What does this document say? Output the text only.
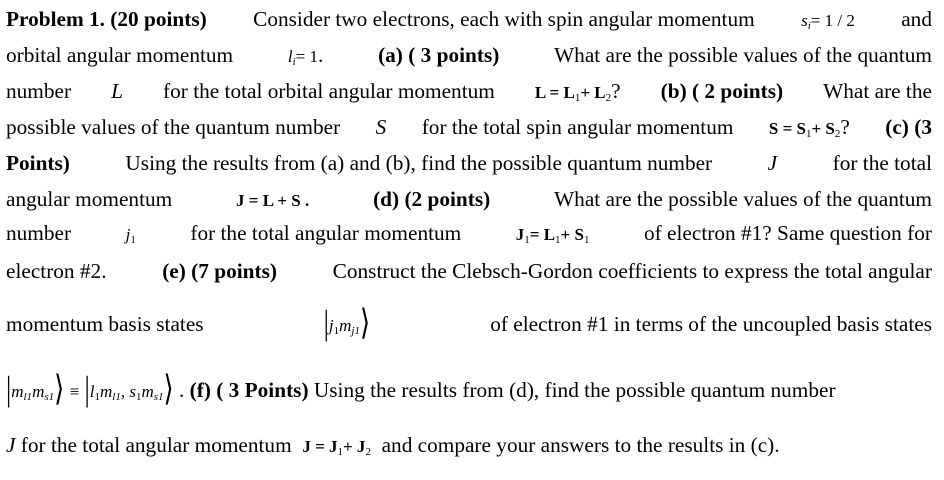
Problem 1. (20 points) Consider two electrons, each with spin angular momentum	$s_i= 1 / 2$ and
orbital angular momentum	$l_i= 1$.	(a) ( 3 points)	What are the possible values of the quantum
number L for the total orbital angular momentum $L = L_1+ L_2$? (b) ( 2 points) What are the
possible values of the quantum number S for the total spin angular momentum $S = S_1+ S_2$? (c) (3
Points)	Using the results from (a) and (b), find the possible quantum number	J	for the total
angular momentum	J = L + S .	(d) (2 points)	What are the possible values of the quantum
number	$j_1$	for the total angular momentum	$J_1= L_1+ S_1$	of electron #1? Same question for
electron #2.	(e) (7 points)	Construct the Clebsch-Gordon coefficients to express the total angular
momentum basis states	$|j_1m_{j1}⟩$	of electron #1 in terms of the uncoupled basis states
$|m_{l1}m_{s1}⟩ \equiv |l_1m_{l1}$, $s_1m_{s1}⟩$ . (f) ( 3 Points) Using the results from (d), find the possible quantum number
J for the total angular momentum $J = J_1+ J_2$ and compare your answers to the results in (c).
